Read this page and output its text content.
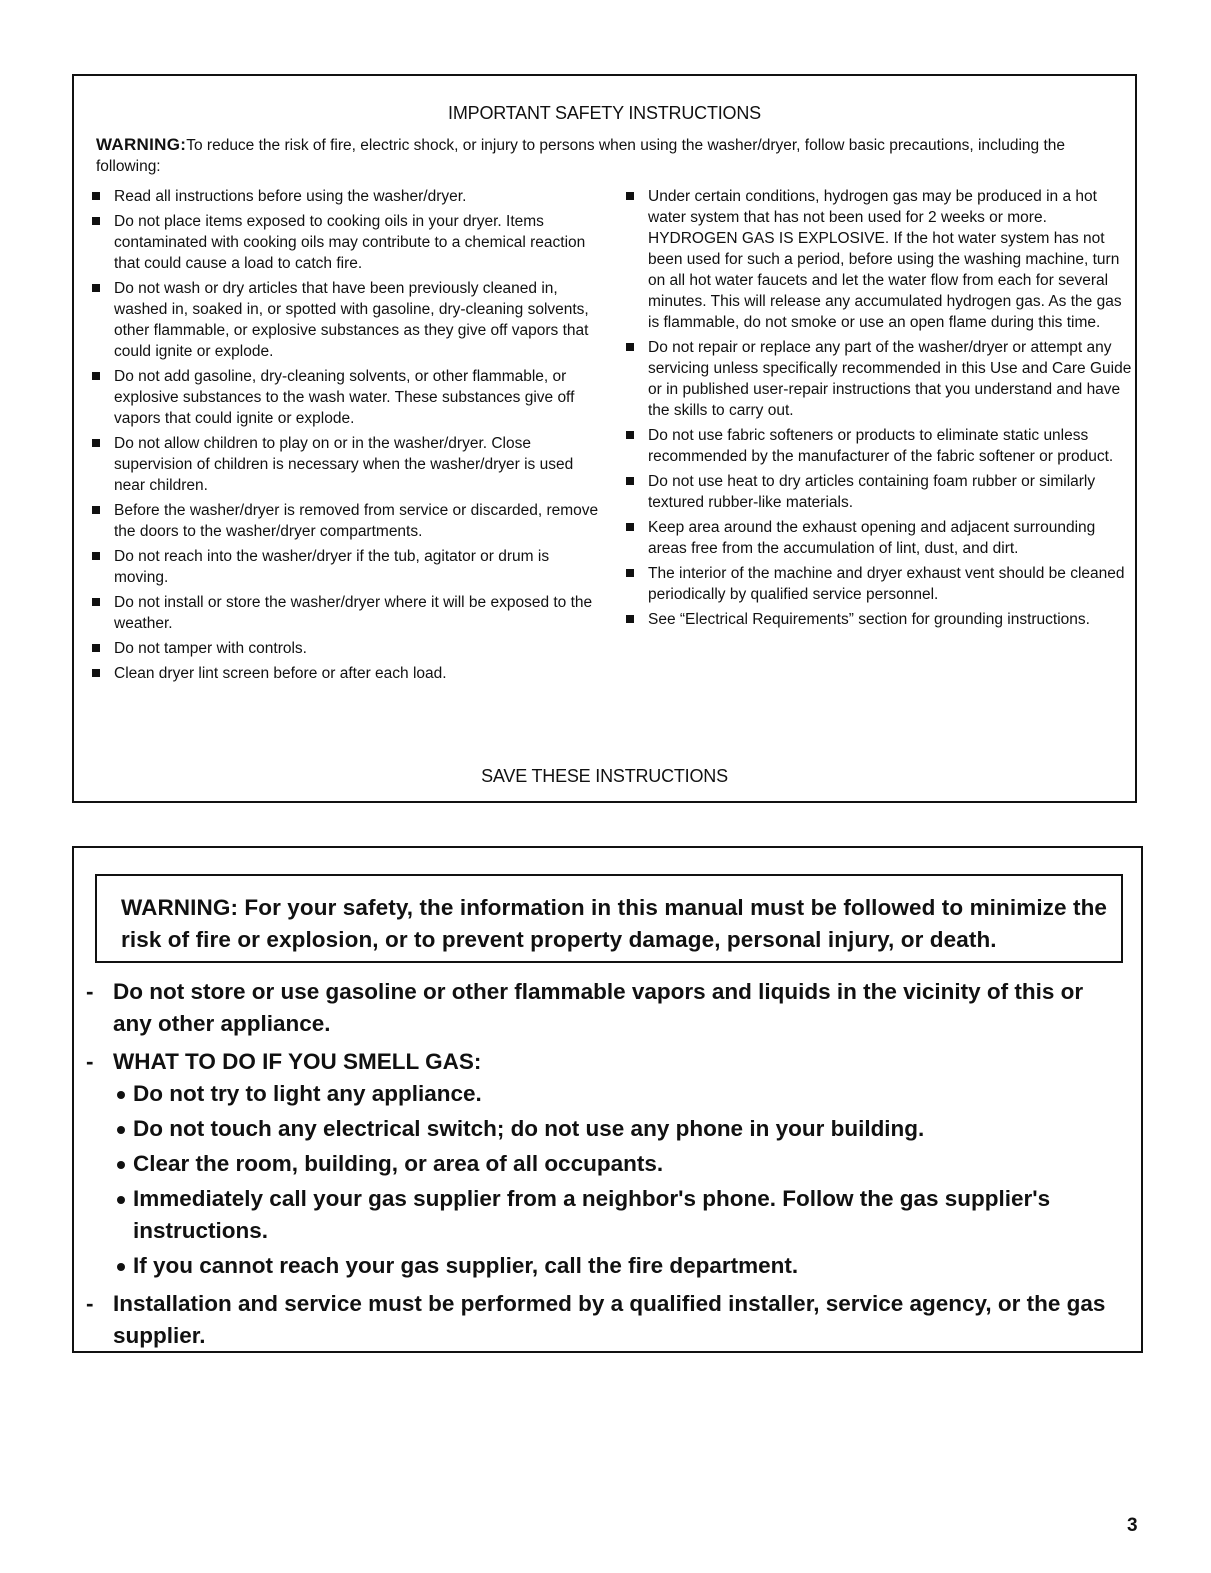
IMPORTANT SAFETY INSTRUCTIONS
WARNING:To reduce the risk of fire, electric shock, or injury to persons when using the washer/dryer, follow basic precautions, including the following:
Read all instructions before using the washer/dryer.
Do not place items exposed to cooking oils in your dryer. Items contaminated with cooking oils may contribute to a chemical reaction that could cause a load to catch fire.
Do not wash or dry articles that have been previously cleaned in, washed in, soaked in, or spotted with gasoline, dry-cleaning solvents, other flammable, or explosive substances as they give off vapors that could ignite or explode.
Do not add gasoline, dry-cleaning solvents, or other flammable, or explosive substances to the wash water. These substances give off vapors that could ignite or explode.
Do not allow children to play on or in the washer/dryer. Close supervision of children is necessary when the washer/dryer is used near children.
Before the washer/dryer is removed from service or discarded, remove the doors to the washer/dryer compartments.
Do not reach into the washer/dryer if the tub, agitator or drum is moving.
Do not install or store the washer/dryer where it will be exposed to the weather.
Do not tamper with controls.
Clean dryer lint screen before or after each load.
Under certain conditions, hydrogen gas may be produced in a hot water system that has not been used for 2 weeks or more. HYDROGEN GAS IS EXPLOSIVE. If the hot water system has not been used for such a period, before using the washing machine, turn on all hot water faucets and let the water flow from each for several minutes. This will release any accumulated hydrogen gas. As the gas is flammable, do not smoke or use an open flame during this time.
Do not repair or replace any part of the washer/dryer or attempt any servicing unless specifically recommended in this Use and Care Guide or in published user-repair instructions that you understand and have the skills to carry out.
Do not use fabric softeners or products to eliminate static unless recommended by the manufacturer of the fabric softener or product.
Do not use heat to dry articles containing foam rubber or similarly textured rubber-like materials.
Keep area around the exhaust opening and adjacent surrounding areas free from the accumulation of lint, dust, and dirt.
The interior of the machine and dryer exhaust vent should be cleaned periodically by qualified service personnel.
See “Electrical Requirements” section for grounding instructions.
SAVE THESE INSTRUCTIONS
WARNING: For your safety, the information in this manual must be followed to minimize the risk of fire or explosion, or to prevent property damage, personal injury, or death.
- Do not store or use gasoline or other flammable vapors and liquids in the vicinity of this or any other appliance.
- WHAT TO DO IF YOU SMELL GAS:
Do not try to light any appliance.
Do not touch any electrical switch; do not use any phone in your building.
Clear the room, building, or area of all occupants.
Immediately call your gas supplier from a neighbor's phone. Follow the gas supplier's instructions.
If you cannot reach your gas supplier, call the fire department.
- Installation and service must be performed by a qualified installer, service agency, or the gas supplier.
3
